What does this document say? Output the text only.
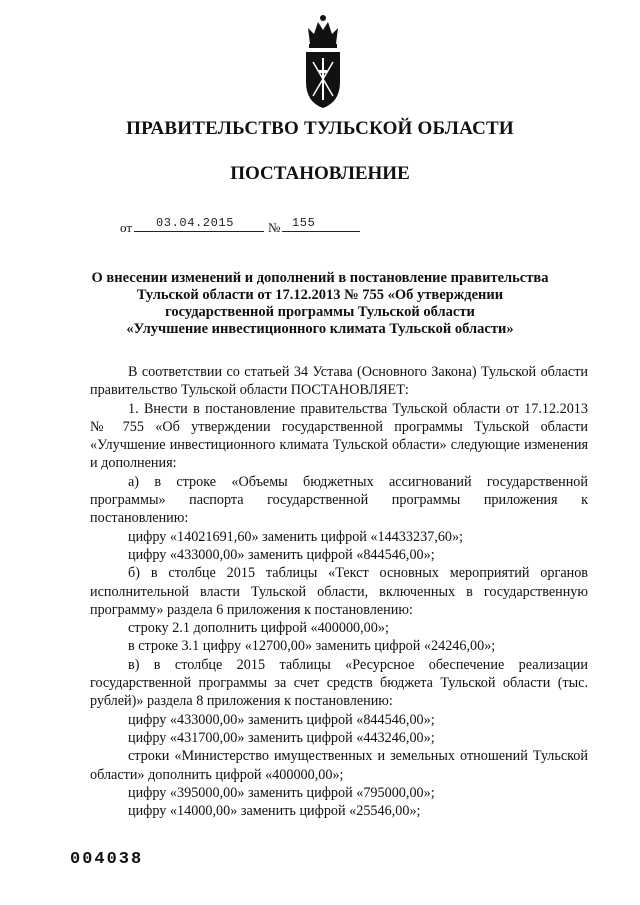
ПРАВИТЕЛЬСТВО ТУЛЬСКОЙ ОБЛАСТИ
ПОСТАНОВЛЕНИЕ
от 03.04.2015	№ 155
О внесении изменений и дополнений в постановление правительства
Тульской области от 17.12.2013 № 755 «Об утверждении
государственной программы Тульской области
«Улучшение инвестиционного климата Тульской области»

В соответствии со статьей 34 Устава (Основного Закона) Тульской области правительство Тульской области ПОСТАНОВЛЯЕТ:

1. Внести в постановление правительства Тульской области от 17.12.2013 № 755 «Об утверждении государственной программы Тульской области «Улучшение инвестиционного климата Тульской области» следующие изменения и дополнения:

а) в строке «Объемы бюджетных ассигнований государственной программы» паспорта государственной программы приложения к постановлению:

цифру «14021691,60» заменить цифрой «14433237,60»;

цифру «433000,00» заменить цифрой «844546,00»;

б) в столбце 2015 таблицы «Текст основных мероприятий органов исполнительной власти Тульской области, включенных в государственную программу» раздела 6 приложения к постановлению:

строку 2.1 дополнить цифрой «400000,00»;

в строке 3.1 цифру «12700,00» заменить цифрой «24246,00»;

в) в столбце 2015 таблицы «Ресурсное обеспечение реализации государственной программы за счет средств бюджета Тульской области (тыс. рублей)» раздела 8 приложения к постановлению:

цифру «433000,00» заменить цифрой «844546,00»;

цифру «431700,00» заменить цифрой «443246,00»;

строки «Министерство имущественных и земельных отношений Тульской области» дополнить цифрой «400000,00»;

цифру «395000,00» заменить цифрой «795000,00»;

цифру «14000,00» заменить цифрой «25546,00»;

004038
